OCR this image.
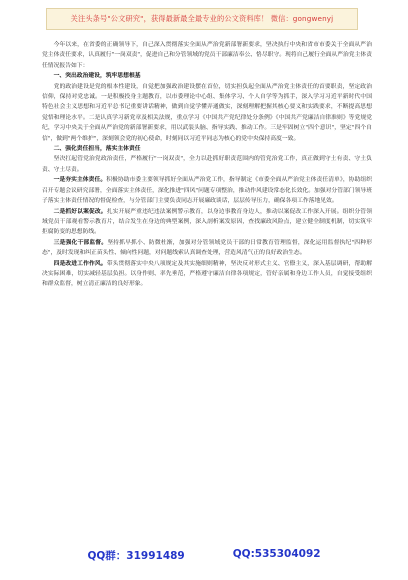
关注头条号"公文研究"，获得最新最全最专业的公文资料库！ 微信：gongwenyj

今年以来，在省委的正确领导下，自己深入贯彻落实全面从严治党新部署新要求，坚决执行中央和省市市委关于全面从严治党主体责任要求，认真履行"一岗双责"，促进自己和分管领域的党员干部廉洁奉公、恪尽职守。现将自己履行全面从严治党主体责任情况报告如下：

一、突出政治建设，筑牢思想根基

党的政治建设是党的根本性建设，自觉把加强政治建设摆在首位，切实担负起全面从严治党主体责任的首要职责，坚定政治信仰，保持对党忠诚。一是积极投身主题教育，以市委理论中心组、集体学习、个人自学等为抓手，深入学习习近平新时代中国特色社会主义思想和习近平总书记重要讲话精神，做到自觉学懂弄通做实，深刻理解把握其核心要义和实践要求，不断提高思想觉悟和理论水平。二是认真学习新党章及相关法规，重点学习《中国共产党纪律处分条例》《中国共产党廉洁自律准则》等党规党纪，学习中央关于全面从严治党的新部署新要求，用以武装头脑、指导实践、推动工作。三是牢固树立"四个意识"，坚定"四个自信"，做到"两个维护"，深刻领会党的初心使命，时刻同以习近平同志为核心的党中央保持高度一致。

二、强化责任担当，落实主体责任

坚决扛起管党治党政治责任，严格履行"一岗双责"，全力以赴抓好职责范围内的管党治党工作，真正做到守土有责、守土负责、守土尽责。

一是夯实主体责任。积极协助市委主要领导抓好全面从严治党工作，指导制定《市委全面从严治党主体责任清单》，协助组织召开专题会议研究部署，全面落实主体责任，深化推进"四风"问题专项整治，推动作风建设常态化长效化。加强对分管部门领导班子落实主体责任情况的督促检查，与分管部门主要负责同志开展廉政谈话，层层传导压力，确保各项工作落地见效。

二是抓好以案促改。扎实开展严重违纪违法案例警示教育，以身边事教育身边人，推动以案促改工作深入开展。组织分管领域党员干部观看警示教育片，结合发生在身边的典型案例，深入剖析案发原因，查找廉政风险点，建立健全制度机制，切实筑牢拒腐防变的思想防线。

三是强化干部监督。坚持抓早抓小、防微杜渐，加强对分管领域党员干部的日常教育管理监督，深化运用监督执纪"四种形态"，及时发现和纠正苗头性、倾向性问题，对问题线索认真调查处理，营造风清气正的良好政治生态。

四是改进工作作风。带头贯彻落实中央八项规定及其实施细则精神，坚决反对形式主义、官僚主义，深入基层调研，帮助解决实际困难，切实减轻基层负担。以身作则、率先垂范，严格遵守廉洁自律各项规定，管好亲属和身边工作人员，自觉接受组织和群众监督，树立清正廉洁的良好形象。

QQ群：31991489	QQ:535304092
